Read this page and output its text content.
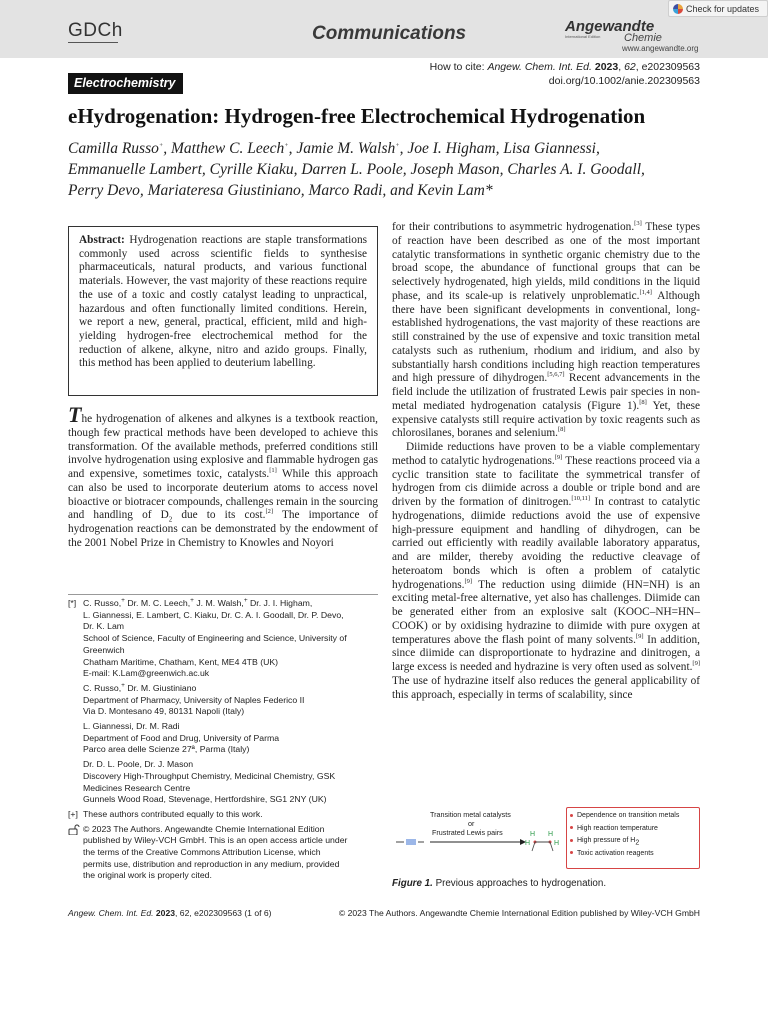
GDCh	Communications	Angewandte
International Edition Chemie
www.angewandte.org
Check for updates
Electrochemistry
How to cite: Angew. Chem. Int. Ed. 2023, 62, e202309563
doi.org/10.1002/anie.202309563
eHydrogenation: Hydrogen-free Electrochemical Hydrogenation
Camilla Russo+, Matthew C. Leech+, Jamie M. Walsh+, Joe I. Higham, Lisa Giannessi,
Emmanuelle Lambert, Cyrille Kiaku, Darren L. Poole, Joseph Mason, Charles A. I. Goodall,
Perry Devo, Mariateresa Giustiniano, Marco Radi, and Kevin Lam*
Abstract: Hydrogenation reactions are staple transformations commonly used across scientific fields to synthesise pharmaceuticals, natural products, and various functional materials. However, the vast majority of these reactions require the use of a toxic and costly catalyst leading to unpractical, hazardous and often functionally limited conditions. Herein, we report a new, general, practical, efficient, mild and high-yielding hydrogen-free electrochemical method for the reduction of alkene, alkyne, nitro and azido groups. Finally, this method has been applied to deuterium labelling.
The hydrogenation of alkenes and alkynes is a textbook reaction, though few practical methods have been developed to achieve this transformation. Of the available methods, preferred conditions still involve hydrogenation using explosive and flammable hydrogen gas and expensive, sometimes toxic, catalysts.[1] While this approach can also be used to incorporate deuterium atoms to access novel bioactive or biotracer compounds, challenges remain in the sourcing and handling of $D_2$ due to its cost.[2] The importance of hydrogenation reactions can be demonstrated by the endowment of the 2001 Nobel Prize in Chemistry to Knowles and Noyori
[*] C. Russo,+ Dr. M. C. Leech,+ J. M. Walsh,+ Dr. J. I. Higham,
L. Giannessi, E. Lambert, C. Kiaku, Dr. C. A. I. Goodall, Dr. P. Devo,
Dr. K. Lam
School of Science, Faculty of Engineering and Science, University of
Greenwich
Chatham Maritime, Chatham, Kent, ME4 4TB (UK)
E-mail: K.Lam@greenwich.ac.uk
C. Russo,+ Dr. M. Giustiniano
Department of Pharmacy, University of Naples Federico II
Via D. Montesano 49, 80131 Napoli (Italy)
L. Giannessi, Dr. M. Radi
Department of Food and Drug, University of Parma
Parco area delle Scienze 27ª, Parma (Italy)
Dr. D. L. Poole, Dr. J. Mason
Discovery High-Throughput Chemistry, Medicinal Chemistry, GSK
Medicines Research Centre
Gunnels Wood Road, Stevenage, Hertfordshire, SG1 2NY (UK)
[+] These authors contributed equally to this work.
© 2023 The Authors. Angewandte Chemie International Edition
published by Wiley-VCH GmbH. This is an open access article under
the terms of the Creative Commons Attribution License, which
permits use, distribution and reproduction in any medium, provided
the original work is properly cited.
for their contributions to asymmetric hydrogenation.[3] These types of reaction have been described as one of the most important catalytic transformations in synthetic organic chemistry due to the broad scope, the abundance of functional groups that can be selectively hydrogenated, high yields, mild conditions in the liquid phase, and its scale-up is relatively unproblematic.[1,4] Although there have been significant developments in conventional, long-established hydrogenations, the vast majority of these reactions are still constrained by the use of expensive and toxic transition metal catalysts such as ruthenium, rhodium and iridium, and also by substantially harsh conditions including high reaction temperatures and high pressure of dihydrogen.[5,6,7] Recent advancements in the field include the utilization of frustrated Lewis pair species in non-metal mediated hydrogenation catalysis (Figure 1).[8] Yet, these expensive catalysts still require activation by toxic reagents such as chlorosilanes, boranes and selenium.[8]
Diimide reductions have proven to be a viable complementary method to catalytic hydrogenations.[9] These reactions proceed via a cyclic transition state to facilitate the symmetrical transfer of hydrogen from cis diimide across a double or triple bond and are driven by the formation of dinitrogen.[10,11] In contrast to catalytic hydrogenations, diimide reductions avoid the use of expensive high-pressure equipment and handling of dihydrogen, can be carried out efficiently with readily available laboratory apparatus, and are milder, thereby avoiding the reductive cleavage of heteroatom bonds which is often a problem of catalytic hydrogenations.[9] The reduction using diimide (HN=NH) is an exciting metal-free alternative, yet also has challenges. Diimide can be generated either from an explosive salt (KOOC–NH=HN–COOK) or by oxidising hydrazine to diimide with pure oxygen at temperatures above the flash point of many solvents.[9] In addition, since diimide can disproportionate to hydrazine and dinitrogen, a large excess is needed and hydrazine is very often used as solvent.[9] The use of hydrazine itself also reduces the general applicability of this approach, especially in terms of scalability, since
Transition metal catalysts
or
Frustrated Lewis pairs	H H
H	H
Dependence on transition metals
High reaction temperature
High pressure of $H_2$
Toxic activation reagents
Figure 1. Previous approaches to hydrogenation.
Angew. Chem. Int. Ed. 2023, 62, e202309563 (1 of 6)	© 2023 The Authors. Angewandte Chemie International Edition published by Wiley-VCH GmbH
